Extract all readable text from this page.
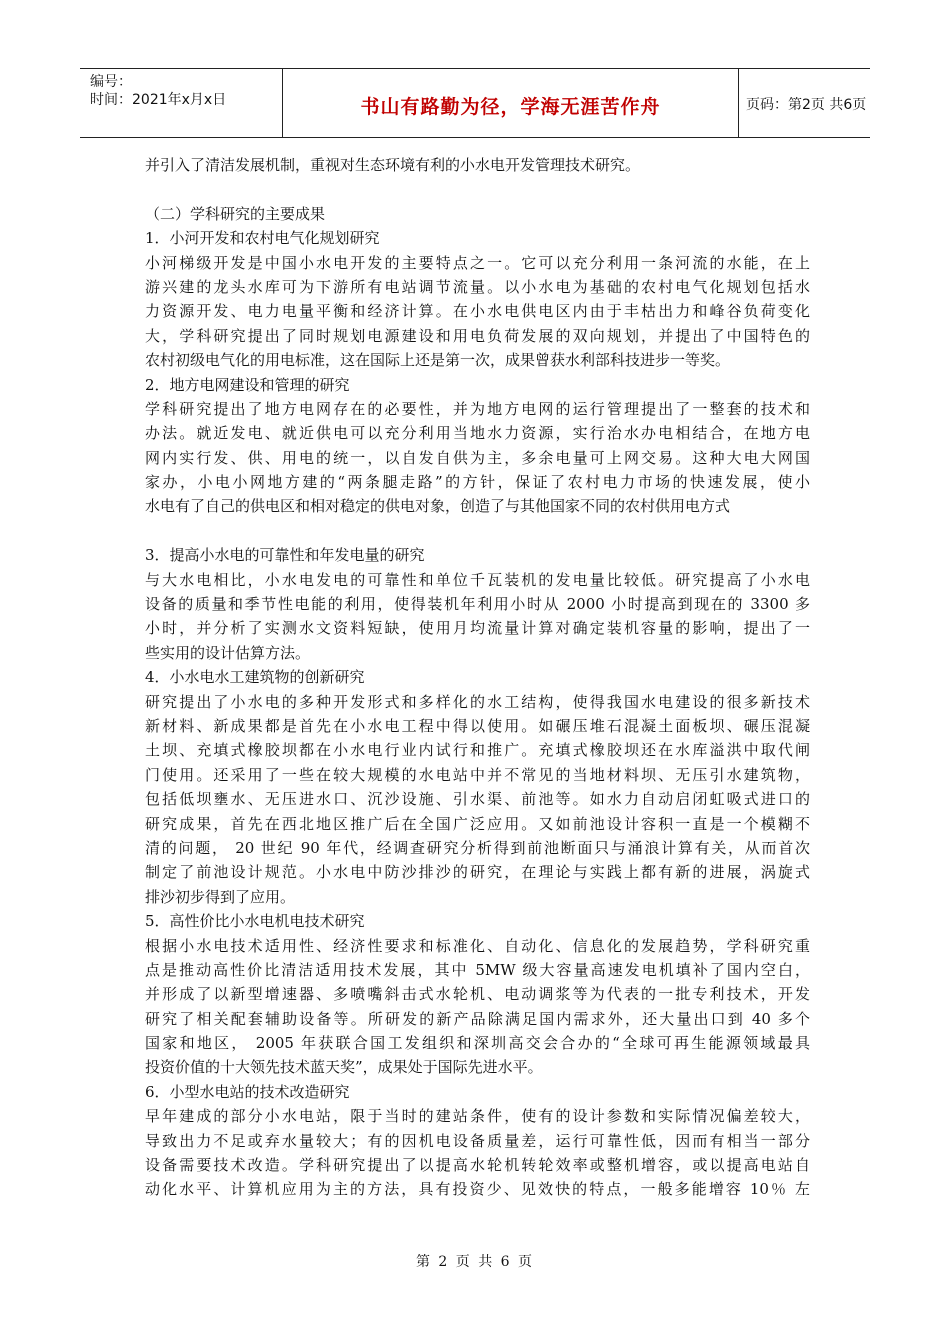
编号：
时间：2021年x月x日	书山有路勤为径，学海无涯苦作舟	页码：第2页 共6页
并引入了清洁发展机制，重视对生态环境有利的小水电开发管理技术研究。
（二）学科研究的主要成果
1．小河开发和农村电气化规划研究
小河梯级开发是中国小水电开发的主要特点之一。它可以充分利用一条河流的水能，在上
游兴建的龙头水库可为下游所有电站调节流量。以小水电为基础的农村电气化规划包括水
力资源开发、电力电量平衡和经济计算。在小水电供电区内由于丰枯出力和峰谷负荷变化
大，学科研究提出了同时规划电源建设和用电负荷发展的双向规划，并提出了中国特色的
农村初级电气化的用电标准，这在国际上还是第一次，成果曾获水利部科技进步一等奖。
2．地方电网建设和管理的研究
学科研究提出了地方电网存在的必要性，并为地方电网的运行管理提出了一整套的技术和
办法。就近发电、就近供电可以充分利用当地水力资源，实行治水办电相结合，在地方电
网内实行发、供、用电的统一，以自发自供为主，多余电量可上网交易。这种大电大网国
家办，小电小网地方建的“两条腿走路”的方针，保证了农村电力市场的快速发展，使小
水电有了自己的供电区和相对稳定的供电对象，创造了与其他国家不同的农村供用电方式
3．提高小水电的可靠性和年发电量的研究
与大水电相比，小水电发电的可靠性和单位千瓦装机的发电量比较低。研究提高了小水电
设备的质量和季节性电能的利用，使得装机年利用小时从 2000 小时提高到现在的 3300 多
小时，并分析了实测水文资料短缺，使用月均流量计算对确定装机容量的影响，提出了一
些实用的设计估算方法。
4．小水电水工建筑物的创新研究
研究提出了小水电的多种开发形式和多样化的水工结构，使得我国水电建设的很多新技术
新材料、新成果都是首先在小水电工程中得以使用。如碾压堆石混凝土面板坝、碾压混凝
土坝、充填式橡胶坝都在小水电行业内试行和推广。充填式橡胶坝还在水库溢洪中取代闸
门使用。还采用了一些在较大规模的水电站中并不常见的当地材料坝、无压引水建筑物，
包括低坝壅水、无压进水口、沉沙设施、引水渠、前池等。如水力自动启闭虹吸式进口的
研究成果，首先在西北地区推广后在全国广泛应用。又如前池设计容积一直是一个模糊不
清的问题， 20 世纪 90 年代，经调查研究分析得到前池断面只与涌浪计算有关，从而首次
制定了前池设计规范。小水电中防沙排沙的研究，在理论与实践上都有新的进展，涡旋式
排沙初步得到了应用。
5．高性价比小水电机电技术研究
根据小水电技术适用性、经济性要求和标准化、自动化、信息化的发展趋势，学科研究重
点是推动高性价比清洁适用技术发展，其中 5MW 级大容量高速发电机填补了国内空白，
并形成了以新型增速器、多喷嘴斜击式水轮机、电动调浆等为代表的一批专利技术，开发
研究了相关配套辅助设备等。所研发的新产品除满足国内需求外，还大量出口到 40 多个
国家和地区， 2005 年获联合国工发组织和深圳高交会合办的“全球可再生能源领域最具
投资价值的十大领先技术蓝天奖”，成果处于国际先进水平。
6．小型水电站的技术改造研究
早年建成的部分小水电站，限于当时的建站条件，使有的设计参数和实际情况偏差较大，
导致出力不足或弃水量较大；有的因机电设备质量差，运行可靠性低，因而有相当一部分
设备需要技术改造。学科研究提出了以提高水轮机转轮效率或整机增容，或以提高电站自
动化水平、计算机应用为主的方法，具有投资少、见效快的特点，一般多能增容 10％ 左
第 2 页 共 6 页
